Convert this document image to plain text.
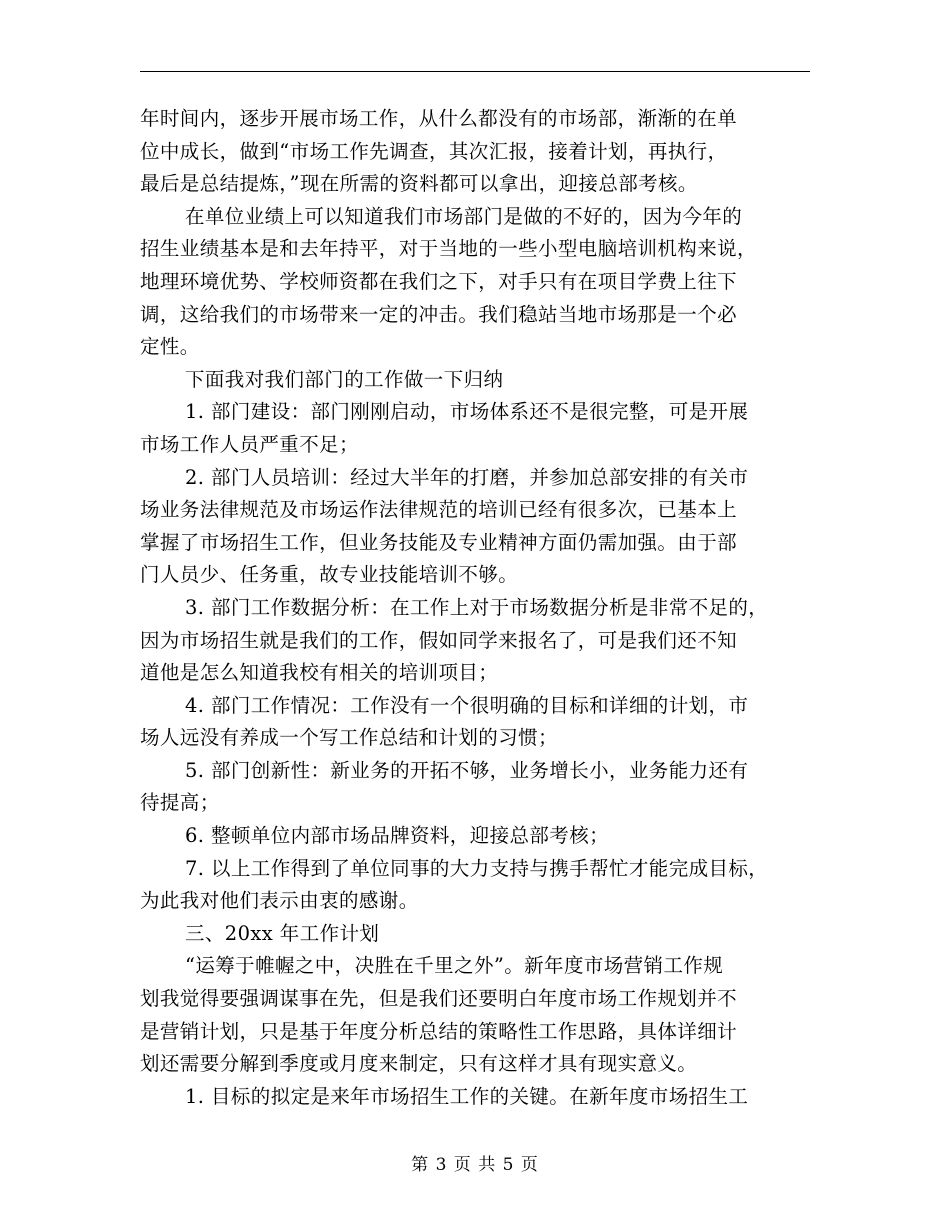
年时间内，逐步开展市场工作，从什么都没有的市场部，渐渐的在单
位中成长，做到“市场工作先调查，其次汇报，接着计划，再执行，
最后是总结提炼，”现在所需的资料都可以拿出，迎接总部考核。
在单位业绩上可以知道我们市场部门是做的不好的，因为今年的
招生业绩基本是和去年持平，对于当地的一些小型电脑培训机构来说，
地理环境优势、学校师资都在我们之下，对手只有在项目学费上往下
调，这给我们的市场带来一定的冲击。我们稳站当地市场那是一个必
定性。
下面我对我们部门的工作做一下归纳
1. 部门建设：部门刚刚启动，市场体系还不是很完整，可是开展
市场工作人员严重不足；
2. 部门人员培训：经过大半年的打磨，并参加总部安排的有关市
场业务法律规范及市场运作法律规范的培训已经有很多次，已基本上
掌握了市场招生工作，但业务技能及专业精神方面仍需加强。由于部
门人员少、任务重，故专业技能培训不够。
3. 部门工作数据分析：在工作上对于市场数据分析是非常不足的，
因为市场招生就是我们的工作，假如同学来报名了，可是我们还不知
道他是怎么知道我校有相关的培训项目；
4. 部门工作情况：工作没有一个很明确的目标和详细的计划，市
场人远没有养成一个写工作总结和计划的习惯；
5. 部门创新性：新业务的开拓不够，业务增长小，业务能力还有
待提高；
6. 整顿单位内部市场品牌资料，迎接总部考核；
7. 以上工作得到了单位同事的大力支持与携手帮忙才能完成目标，
为此我对他们表示由衷的感谢。
三、20xx 年工作计划
“运筹于帷幄之中，决胜在千里之外”。新年度市场营销工作规
划我觉得要强调谋事在先，但是我们还要明白年度市场工作规划并不
是营销计划，只是基于年度分析总结的策略性工作思路，具体详细计
划还需要分解到季度或月度来制定，只有这样才具有现实意义。
1. 目标的拟定是来年市场招生工作的关键。在新年度市场招生工
第 3 页 共 5 页
